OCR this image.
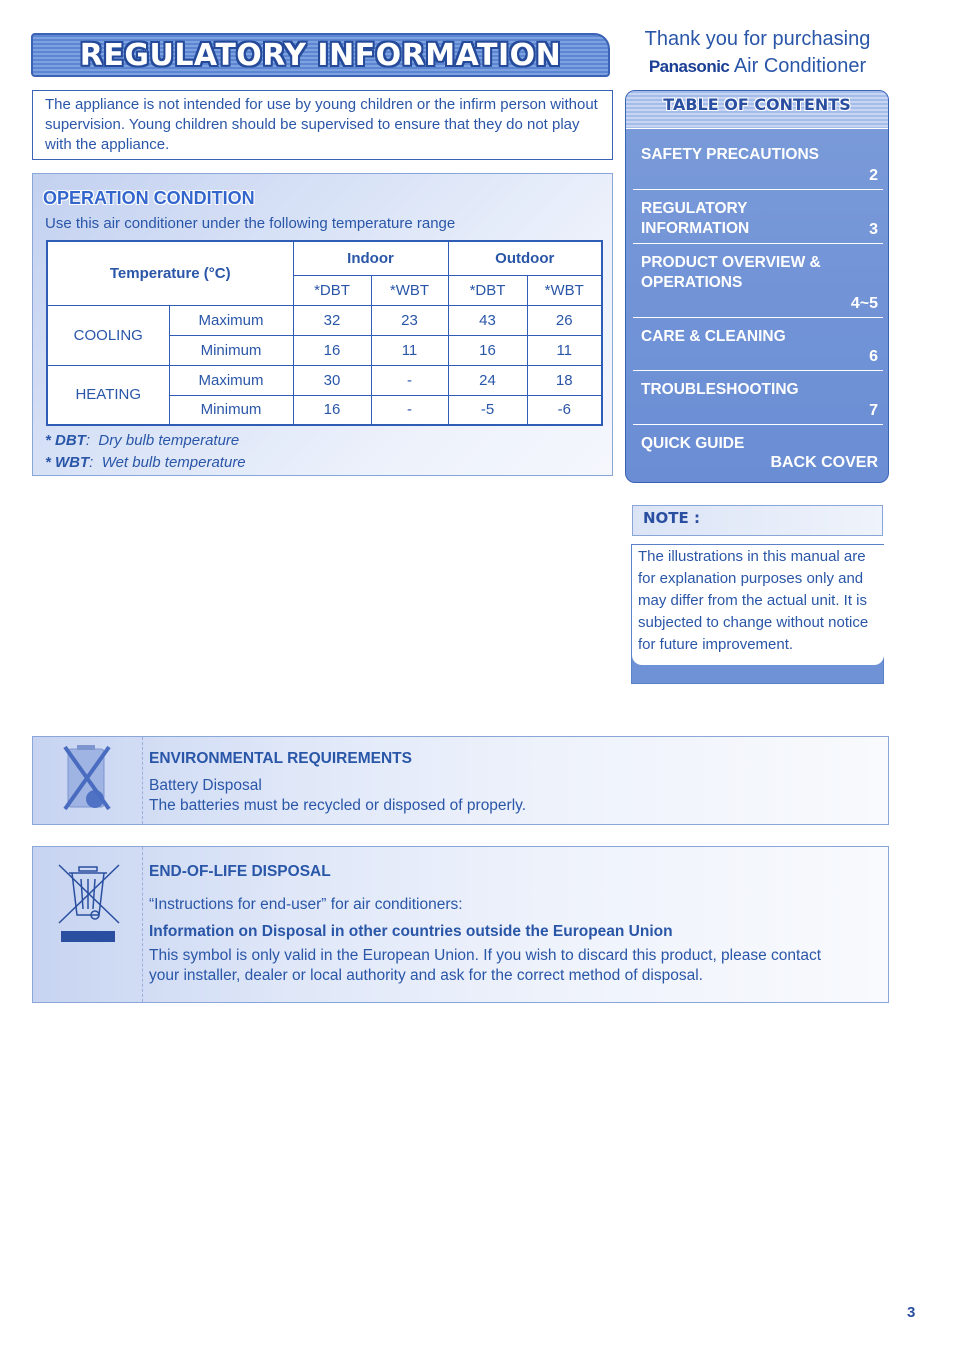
REGULATORY INFORMATION
The appliance is not intended for use by young children or the infirm person without supervision. Young children should be supervised to ensure that they do not play with the appliance.
OPERATION CONDITION
Use this air conditioner under the following temperature range
Temperature (°C)		Indoor		Outdoor	
		*DBT	*WBT	*DBT	*WBT
COOLING	Maximum	32	23	43	26
	Minimum	16	11	16	11
HEATING	Maximum	30	-	24	18
	Minimum	16	-	-5	-6
* DBT:  Dry bulb temperature
* WBT:  Wet bulb temperature
Thank you for purchasing
Panasonic Air Conditioner
TABLE OF CONTENTS
SAFETY PRECAUTIONS
2
REGULATORY INFORMATION	3
PRODUCT OVERVIEW & OPERATIONS
4~5
CARE & CLEANING
6
TROUBLESHOOTING
7
QUICK GUIDE
BACK COVER
NOTE :
The illustrations in this manual are for explanation purposes only and may differ from the actual unit. It is subjected to change without notice for future improvement.
ENVIRONMENTAL REQUIREMENTS
Battery Disposal
The batteries must be recycled or disposed of properly.
END-OF-LIFE DISPOSAL
“Instructions for end-user” for air conditioners:
Information on Disposal in other countries outside the European Union
This symbol is only valid in the European Union. If you wish to discard this product, please contact your installer, dealer or local authority and ask for the correct method of disposal.
3
